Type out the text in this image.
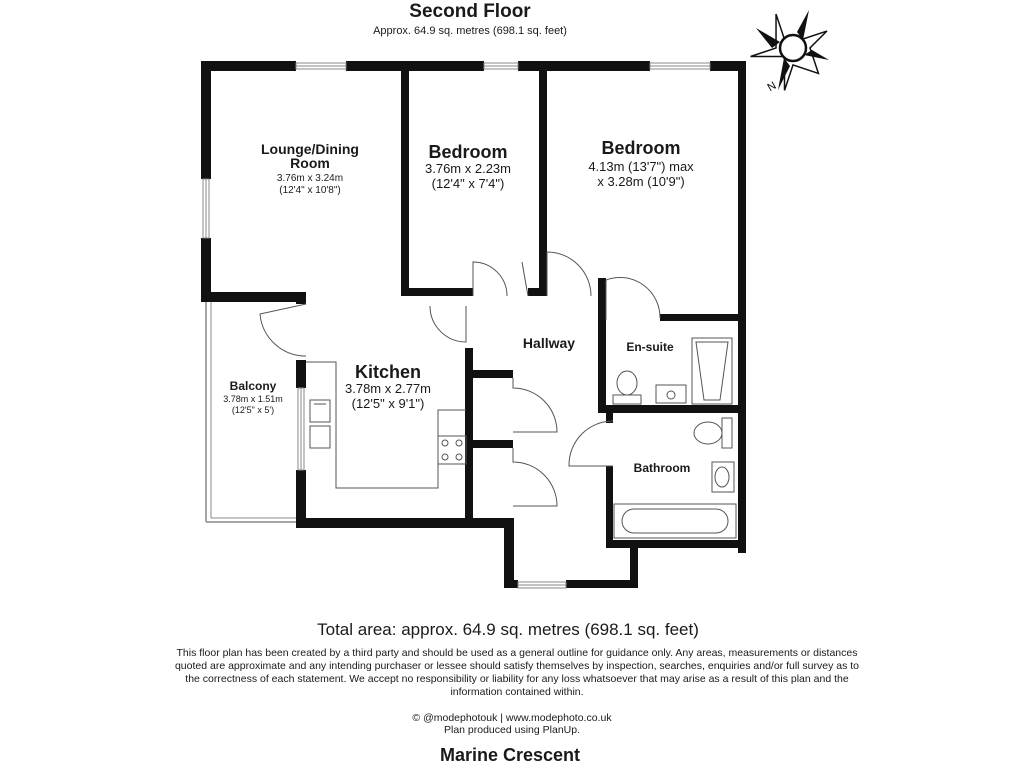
Second Floor
Approx. 64.9 sq. metres (698.1 sq. feet)
N
Lounge/Dining
Room
3.76m x 3.24m
(12'4" x 10'8")
Bedroom
3.76m x 2.23m
(12'4" x 7'4")
Bedroom
4.13m (13'7") max
x 3.28m (10'9")
Hallway	En-suite
Kitchen
3.78m x 2.77m
(12'5" x 9'1")
Balcony
3.78m x 1.51m
(12'5" x 5')
Bathroom
Total area: approx. 64.9 sq. metres (698.1 sq. feet)
This floor plan has been created by a third party and should be used as a general outline for guidance only. Any areas, measurements or distances quoted are approximate and any intending purchaser or lessee should satisfy themselves by inspection, searches, enquiries and/or full survey as to the correctness of each statement. We accept no responsibility or liability for any loss whatsoever that may arise as a result of this plan and the information contained within.
© @modephotouk | www.modephoto.co.uk
Plan produced using PlanUp.
Marine Crescent
